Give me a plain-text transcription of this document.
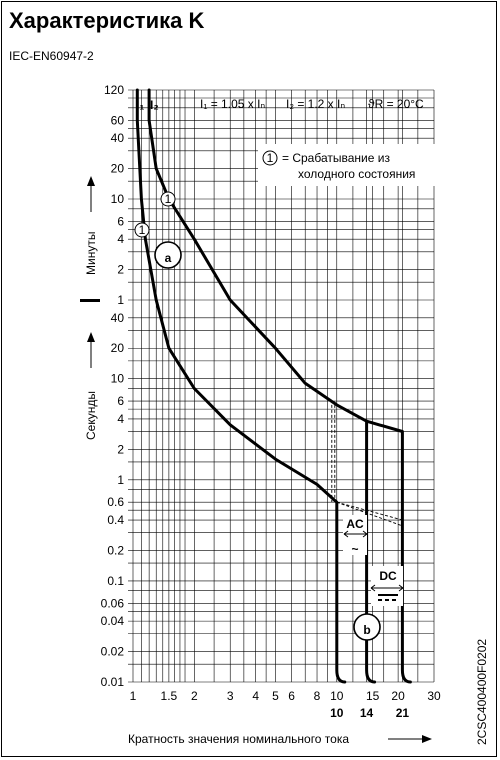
Характеристика K
IEC-EN60947-2
120
60
40
20
10
6
4
2
1
40
20
10
6
4
2
1
0.6
0.4
0.2
0.1
0.06
0.04
0.02
0.01
1 1.5 2 3 4 5 6 8 10 15 20 30
10 14 21
I₁ = 1.05 x Iₙ I₂ = 1.2 x Iₙ ϑR = 20°C
I₁ I₂
1 = Срабатывание из
холодного состояния
1
1
a
b
AC
~
DC
Минуты
Секунды
Кратность значения номинального тока	2CSC400400F0202
